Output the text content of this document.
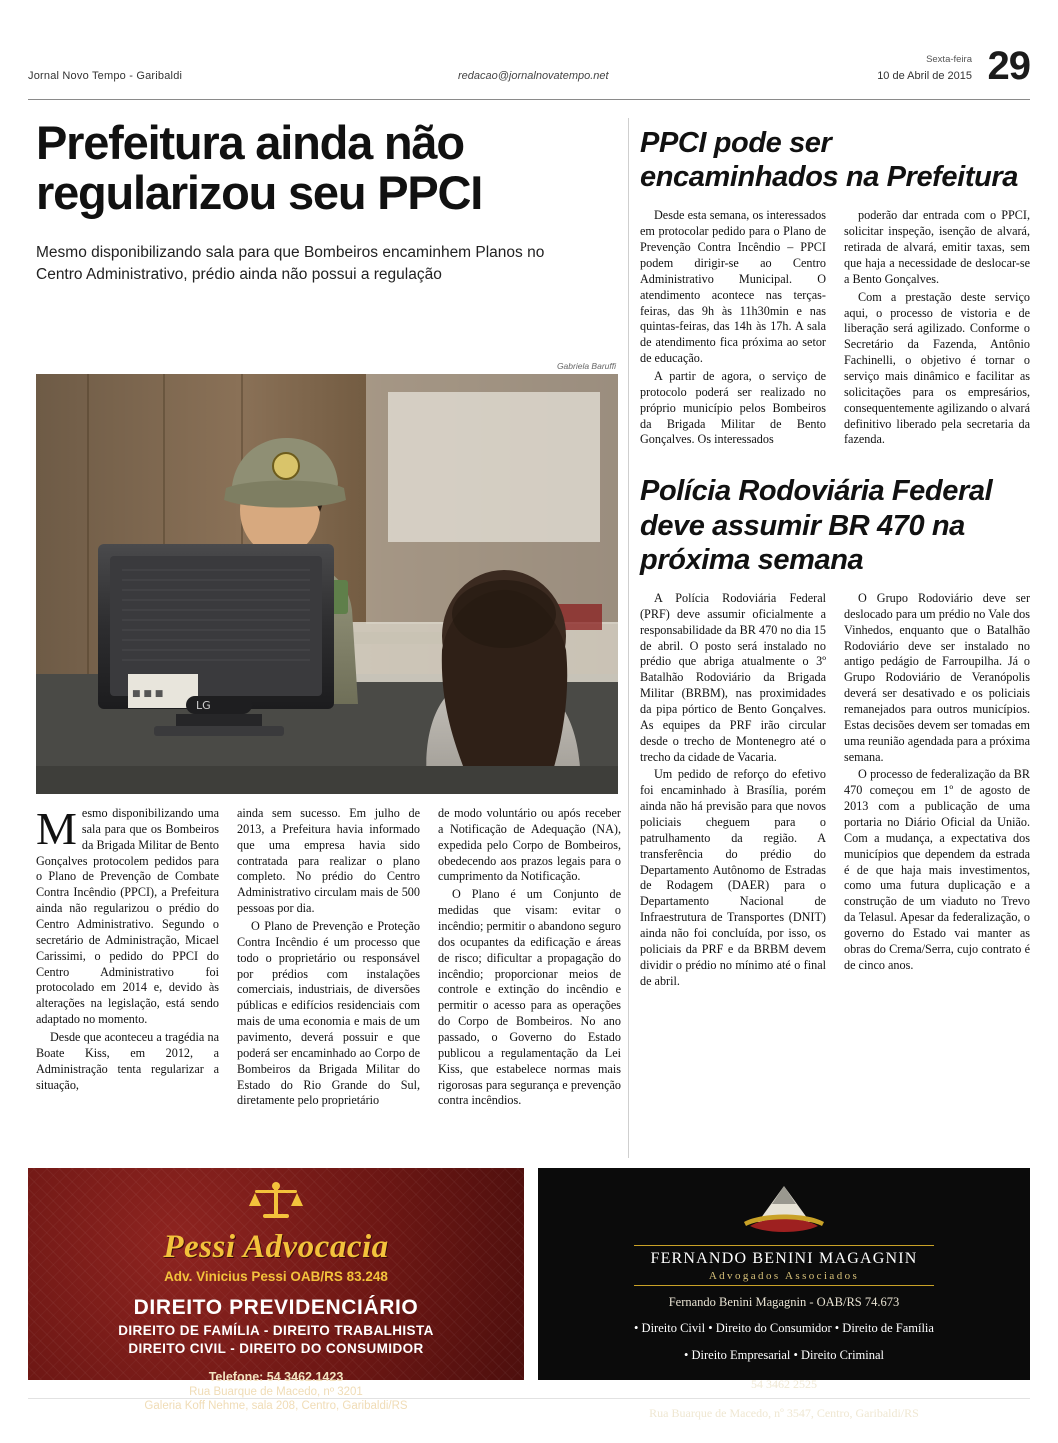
Jornal Novo Tempo - Garibaldi	redacao@jornalnovatempo.net
Sexta-feira
10 de Abril de 2015 29
Prefeitura ainda não regularizou seu PPCI

Mesmo disponibilizando sala para que Bombeiros encaminhem Planos no Centro Administrativo, prédio ainda não possui a regulação

Gabriela Baruffi
■ ■ ■
LG

Mesmo disponibilizando uma sala para que os Bombeiros da Brigada Militar de Bento Gonçalves protocolem pedidos para o Plano de Prevenção de Combate Contra Incêndio (PPCI), a Prefeitura ainda não regularizou o prédio do Centro Administrativo. Segundo o secretário de Administração, Micael Carissimi, o pedido do PPCI do Centro Administrativo foi protocolado em 2014 e, devido às alterações na legislação, está sendo adaptado no momento.

Desde que aconteceu a tragédia na Boate Kiss, em 2012, a Administração tenta regularizar a situação,

ainda sem sucesso. Em julho de 2013, a Prefeitura havia informado que uma empresa havia sido contratada para realizar o plano completo. No prédio do Centro Administrativo circulam mais de 500 pessoas por dia.

O Plano de Prevenção e Proteção Contra Incêndio é um processo que todo o proprietário ou responsável por prédios com instalações comerciais, industriais, de diversões públicas e edifícios residenciais com mais de uma economia e mais de um pavimento, deverá possuir e que poderá ser encaminhado ao Corpo de Bombeiros da Brigada Militar do Estado do Rio Grande do Sul, diretamente pelo proprietário

de modo voluntário ou após receber a Notificação de Adequação (NA), expedida pelo Corpo de Bombeiros, obedecendo aos prazos legais para o cumprimento da Notificação.

O Plano é um Conjunto de medidas que visam: evitar o incêndio; permitir o abandono seguro dos ocupantes da edificação e áreas de risco; dificultar a propagação do incêndio; proporcionar meios de controle e extinção do incêndio e permitir o acesso para as operações do Corpo de Bombeiros. No ano passado, o Governo do Estado publicou a regulamentação da Lei Kiss, que estabelece normas mais rigorosas para segurança e prevenção contra incêndios.

PPCI pode ser encaminhados na Prefeitura

Desde esta semana, os interessados em protocolar pedido para o Plano de Prevenção Contra Incêndio – PPCI podem dirigir-se ao Centro Administrativo Municipal. O atendimento acontece nas terças-feiras, das 9h às 11h30min e nas quintas-feiras, das 14h às 17h. A sala de atendimento fica próxima ao setor de educação.

A partir de agora, o serviço de protocolo poderá ser realizado no próprio município pelos Bombeiros da Brigada Militar de Bento Gonçalves. Os interessados

poderão dar entrada com o PPCI, solicitar inspeção, isenção de alvará, retirada de alvará, emitir taxas, sem que haja a necessidade de deslocar-se a Bento Gonçalves.

Com a prestação deste serviço aqui, o processo de vistoria e de liberação será agilizado. Conforme o Secretário da Fazenda, Antônio Fachinelli, o objetivo é tornar o serviço mais dinâmico e facilitar as solicitações para os empresários, consequentemente agilizando o alvará definitivo liberado pela secretaria da fazenda.

Polícia Rodoviária Federal deve assumir BR 470 na próxima semana

A Polícia Rodoviária Federal (PRF) deve assumir oficialmente a responsabilidade da BR 470 no dia 15 de abril. O posto será instalado no prédio que abriga atualmente o 3º Batalhão Rodoviário da Brigada Militar (BRBM), nas proximidades da pipa pórtico de Bento Gonçalves. As equipes da PRF irão circular desde o trecho de Montenegro até o trecho da cidade de Vacaria.

Um pedido de reforço do efetivo foi encaminhado à Brasília, porém ainda não há previsão para que novos policiais cheguem para o patrulhamento da região. A transferência do prédio do Departamento Autônomo de Estradas de Rodagem (DAER) para o Departamento Nacional de Infraestrutura de Transportes (DNIT) ainda não foi concluída, por isso, os policiais da PRF e da BRBM devem dividir o prédio no mínimo até o final de abril.

O Grupo Rodoviário deve ser deslocado para um prédio no Vale dos Vinhedos, enquanto que o Batalhão Rodoviário deve ser instalado no antigo pedágio de Farroupilha. Já o Grupo Rodoviário de Veranópolis deverá ser desativado e os policiais remanejados para outros municípios. Estas decisões devem ser tomadas em uma reunião agendada para a próxima semana.

O processo de federalização da BR 470 começou em 1º de agosto de 2013 com a publicação de uma portaria no Diário Oficial da União. Com a mudança, a expectativa dos municípios que dependem da estrada é de que haja mais investimentos, como uma futura duplicação e a construção de um viaduto no Trevo da Telasul. Apesar da federalização, o governo do Estado vai manter as obras do Crema/Serra, cujo contrato é de cinco anos.

Pessi Advocacia

Adv. Vinicius Pessi OAB/RS 83.248

DIREITO PREVIDENCIÁRIO

DIREITO DE FAMÍLIA - DIREITO TRABALHISTA

DIREITO CIVIL - DIREITO DO CONSUMIDOR

Telefone: 54 3462.1423

Rua Buarque de Macedo, nº 3201

Galeria Koff Nehme, sala 208, Centro, Garibaldi/RS

FERNANDO BENINI MAGAGNIN

Advogados Associados

Fernando Benini Magagnin - OAB/RS 74.673

• Direito Civil • Direito do Consumidor • Direito de Família

• Direito Empresarial • Direito Criminal

54 3462 2525

Rua Buarque de Macedo, nº 3547, Centro, Garibaldi/RS
